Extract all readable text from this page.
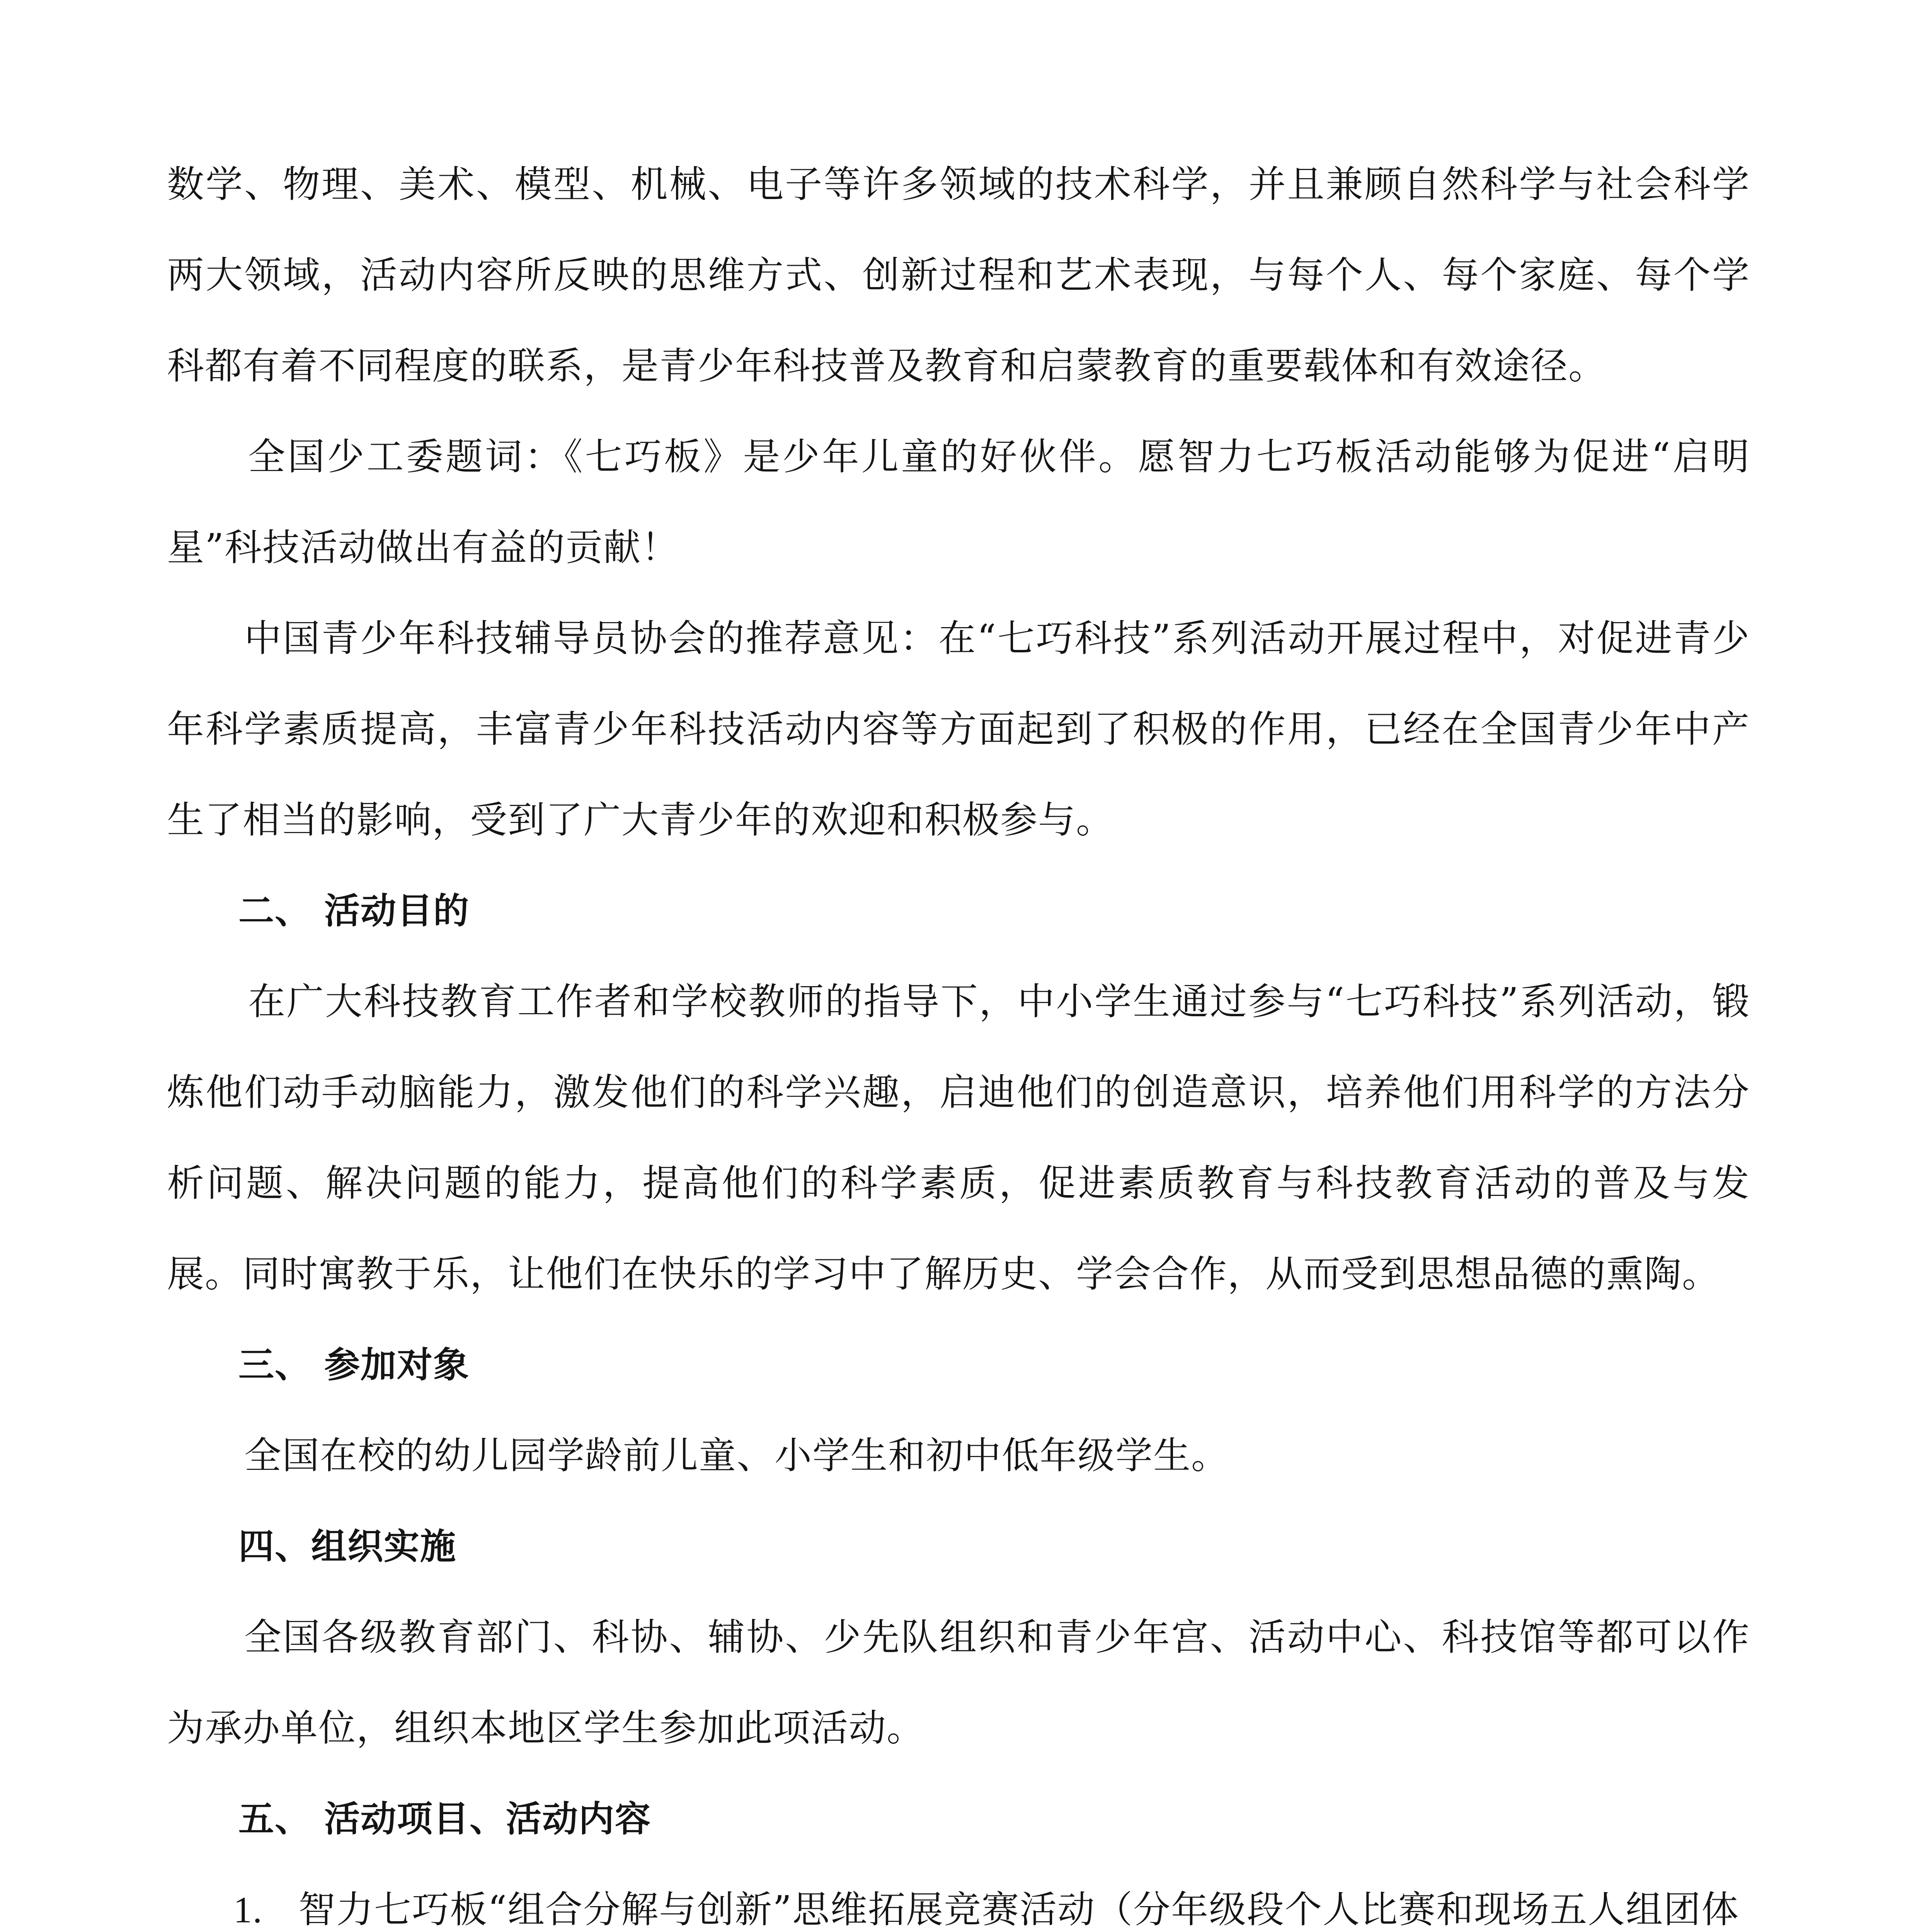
数学、物理、美术、模型、机械、电子等许多领域的技术科学，并且兼顾自然科学与社会科学两大领域，活动内容所反映的思维方式、创新过程和艺术表现，与每个人、每个家庭、每个学科都有着不同程度的联系，是青少年科技普及教育和启蒙教育的重要载体和有效途径。

全国少工委题词：《七巧板》是少年儿童的好伙伴。愿智力七巧板活动能够为促进“启明星”科技活动做出有益的贡献！

中国青少年科技辅导员协会的推荐意见：在“七巧科技”系列活动开展过程中，对促进青少年科学素质提高，丰富青少年科技活动内容等方面起到了积极的作用，已经在全国青少年中产生了相当的影响，受到了广大青少年的欢迎和积极参与。

二、 活动目的

在广大科技教育工作者和学校教师的指导下，中小学生通过参与“七巧科技”系列活动，锻炼他们动手动脑能力，激发他们的科学兴趣，启迪他们的创造意识，培养他们用科学的方法分析问题、解决问题的能力，提高他们的科学素质，促进素质教育与科技教育活动的普及与发展。同时寓教于乐，让他们在快乐的学习中了解历史、学会合作，从而受到思想品德的熏陶。

三、 参加对象

全国在校的幼儿园学龄前儿童、小学生和初中低年级学生。

四、组织实施

全国各级教育部门、科协、辅协、少先队组织和青少年宫、活动中心、科技馆等都可以作为承办单位，组织本地区学生参加此项活动。

五、 活动项目、活动内容
1. 智力七巧板“组合分解与创新”思维拓展竞赛活动（分年级段个人比赛和现场五人组团体
